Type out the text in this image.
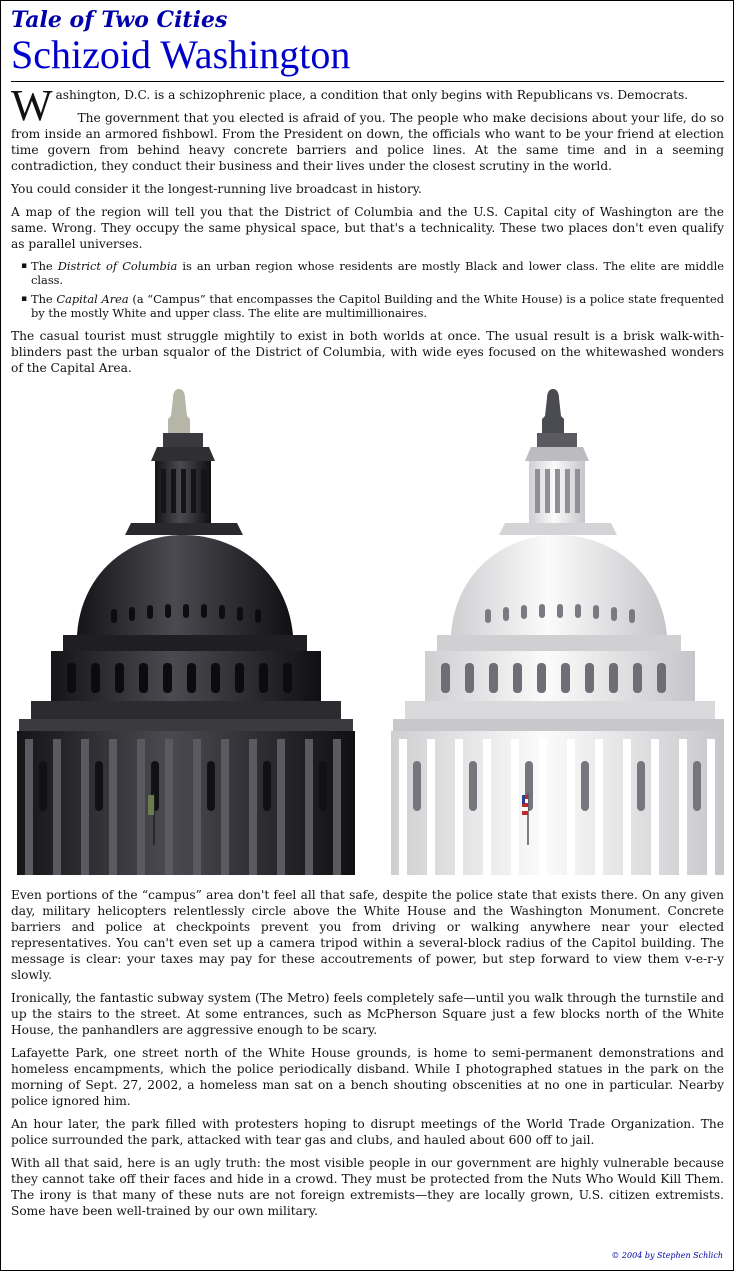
Tale of Two Cities
Schizoid Washington

Washington, D.C. is a schizophrenic place, a condition that only begins with Republicans vs. Democrats.

The government that you elected is afraid of you. The people who make decisions about your life, do so from inside an armored fishbowl. From the President on down, the officials who want to be your friend at election time govern from behind heavy concrete barriers and police lines. At the same time and in a seeming contradiction, they conduct their business and their lives under the closest scrutiny in the world.

You could consider it the longest-running live broadcast in history.

A map of the region will tell you that the District of Columbia and the U.S. Capital city of Washington are the same. Wrong. They occupy the same physical space, but that's a technicality. These two places don't even qualify as parallel universes.

▪ The District of Columbia is an urban region whose residents are mostly Black and lower class. The elite are middle class.
▪ The Capital Area (a “Campus” that encompasses the Capitol Building and the White House) is a police state frequented by the mostly White and upper class. The elite are multimillionaires.

The casual tourist must struggle mightily to exist in both worlds at once. The usual result is a brisk walk-with-blinders past the urban squalor of the District of Columbia, with wide eyes focused on the whitewashed wonders of the Capital Area.

Even portions of the “campus” area don't feel all that safe, despite the police state that exists there. On any given day, military helicopters relentlessly circle above the White House and the Washington Monument. Concrete barriers and police at checkpoints prevent you from driving or walking anywhere near your elected representatives. You can't even set up a camera tripod within a several-block radius of the Capitol building. The message is clear: your taxes may pay for these accoutrements of power, but step forward to view them v-e-r-y slowly.

Ironically, the fantastic subway system (The Metro) feels completely safe—until you walk through the turnstile and up the stairs to the street. At some entrances, such as McPherson Square just a few blocks north of the White House, the panhandlers are aggressive enough to be scary.

Lafayette Park, one street north of the White House grounds, is home to semi-permanent demonstrations and homeless encampments, which the police periodically disband. While I photographed statues in the park on the morning of Sept. 27, 2002, a homeless man sat on a bench shouting obscenities at no one in particular. Nearby police ignored him.

An hour later, the park filled with protesters hoping to disrupt meetings of the World Trade Organization. The police surrounded the park, attacked with tear gas and clubs, and hauled about 600 off to jail.

With all that said, here is an ugly truth: the most visible people in our government are highly vulnerable because they cannot take off their faces and hide in a crowd. They must be protected from the Nuts Who Would Kill Them. The irony is that many of these nuts are not foreign extremists—they are locally grown, U.S. citizen extremists. Some have been well-trained by our own military.

© 2004 by Stephen Schlich
